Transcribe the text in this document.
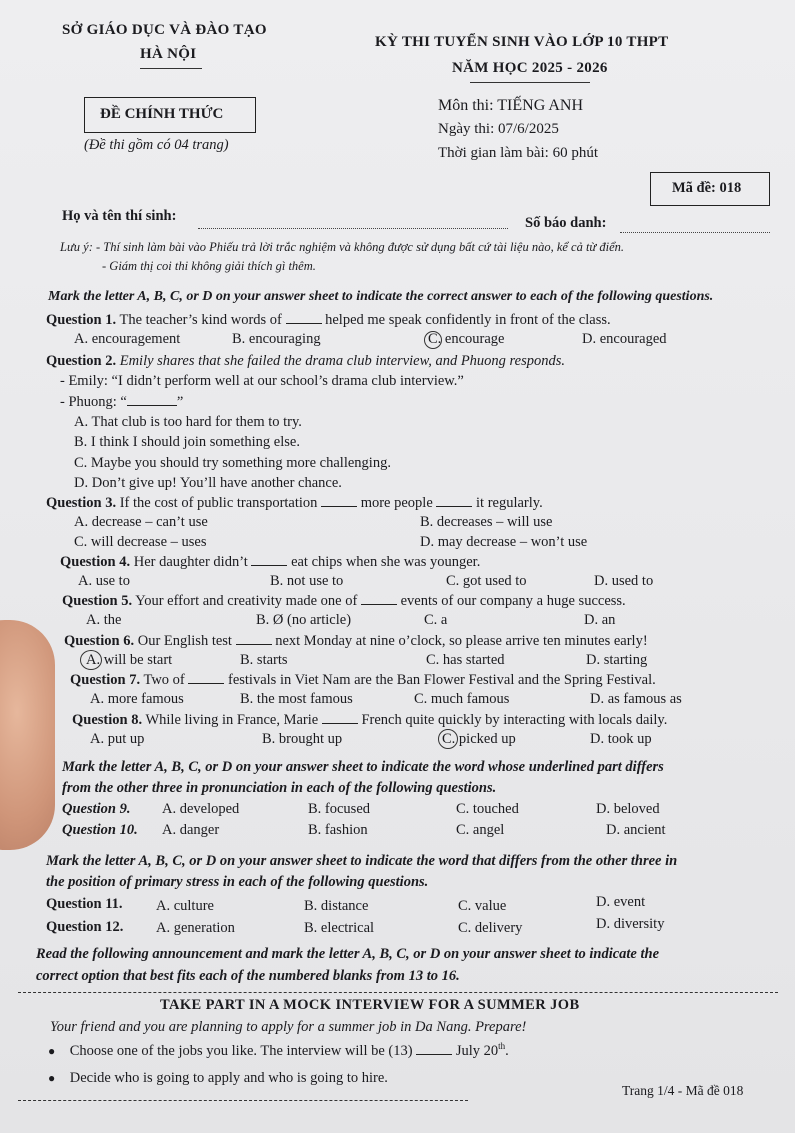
SỞ GIÁO DỤC VÀ ĐÀO TẠO
HÀ NỘI
KỲ THI TUYỂN SINH VÀO LỚP 10 THPT
NĂM HỌC 2025 - 2026
ĐỀ CHÍNH THỨC
(Đề thi gồm có 04 trang)
Môn thi: TIẾNG ANH
Ngày thi: 07/6/2025
Thời gian làm bài: 60 phút
Mã đề: 018
Họ và tên thí sinh:	Số báo danh:
Lưu ý: - Thí sinh làm bài vào Phiếu trả lời trắc nghiệm và không được sử dụng bất cứ tài liệu nào, kể cả từ điển.
- Giám thị coi thi không giải thích gì thêm.
Mark the letter A, B, C, or D on your answer sheet to indicate the correct answer to each of the following questions.
Question 1. The teacher’s kind words of	helped me speak confidently in front of the class.
A. encouragement	B. encouraging	C. encourage	D. encouraged
Question 2. Emily shares that she failed the drama club interview, and Phuong responds.
- Emily: “I didn’t perform well at our school’s drama club interview.”
- Phuong: “	”
A. That club is too hard for them to try.
B. I think I should join something else.
C. Maybe you should try something more challenging.
D. Don’t give up! You’ll have another chance.
Question 3. If the cost of public transportation	more people	it regularly.
A. decrease – can’t use	B. decreases – will use
C. will decrease – uses	D. may decrease – won’t use
Question 4. Her daughter didn’t	eat chips when she was younger.
A. use to	B. not use to	C. got used to	D. used to
Question 5. Your effort and creativity made one of	events of our company a huge success.
A. the	B. Ø (no article)	C. a	D. an
Question 6. Our English test	next Monday at nine o’clock, so please arrive ten minutes early!
A. will be start	B. starts	C. has started	D. starting
Question 7. Two of	festivals in Viet Nam are the Ban Flower Festival and the Spring Festival.
A. more famous	B. the most famous	C. much famous	D. as famous as
Question 8. While living in France, Marie	French quite quickly by interacting with locals daily.
A. put up	B. brought up	C. picked up	D. took up
Mark the letter A, B, C, or D on your answer sheet to indicate the word whose underlined part differs
from the other three in pronunciation in each of the following questions.
Question 9. A. developed	B. focused	C. touched	D. beloved
Question 10. A. danger	B. fashion	C. angel	D. ancient
Mark the letter A, B, C, or D on your answer sheet to indicate the word that differs from the other three in
the position of primary stress in each of the following questions.
Question 11. A. culture	B. distance	C. value	D. event
Question 12. A. generation	B. electrical	C. delivery	D. diversity
Read the following announcement and mark the letter A, B, C, or D on your answer sheet to indicate the
correct option that best fits each of the numbered blanks from 13 to 16.
TAKE PART IN A MOCK INTERVIEW FOR A SUMMER JOB
Your friend and you are planning to apply for a summer job in Da Nang. Prepare!
● Choose one of the jobs you like. The interview will be (13)	July 20th.
● Decide who is going to apply and who is going to hire.
Trang 1/4 - Mã đề 018
